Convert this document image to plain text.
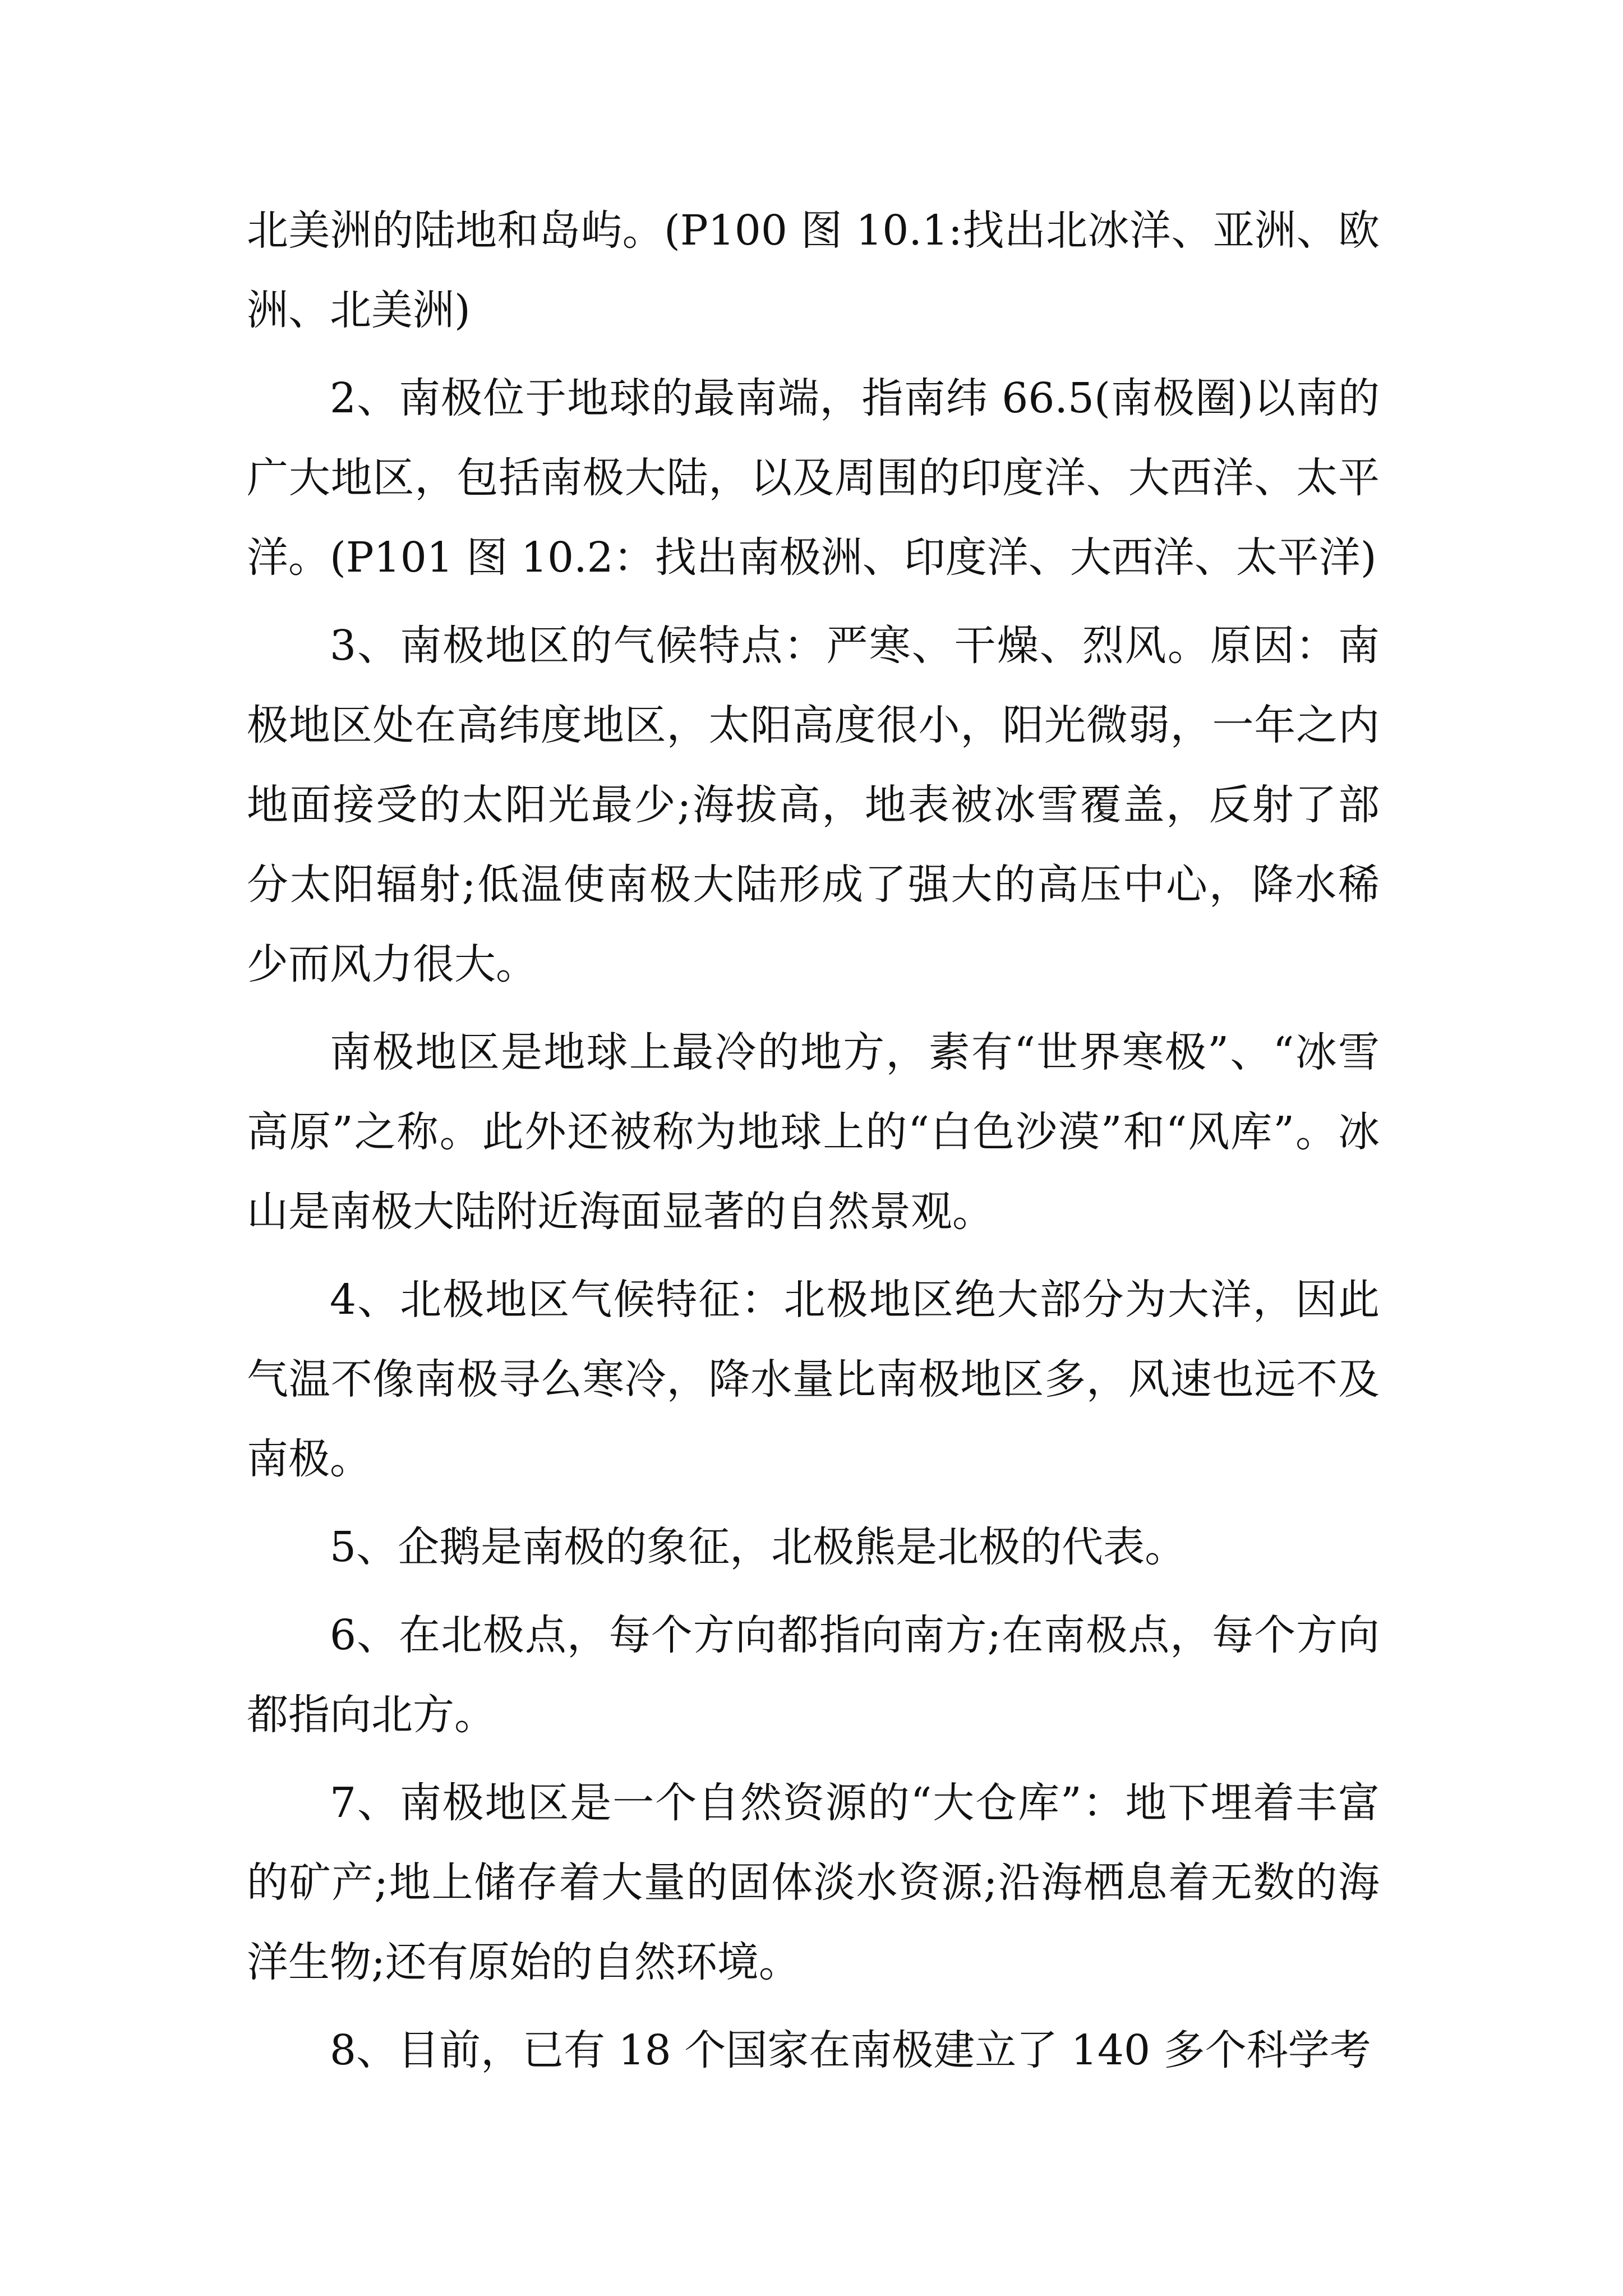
北美洲的陆地和岛屿。(P100 图 10.1:找出北冰洋、亚洲、欧洲、北美洲)

2、南极位于地球的最南端，指南纬 66.5(南极圈)以南的广大地区，包括南极大陆，以及周围的印度洋、大西洋、太平洋。(P101 图 10.2：找出南极洲、印度洋、大西洋、太平洋)

3、南极地区的气候特点：严寒、干燥、烈风。原因：南极地区处在高纬度地区，太阳高度很小，阳光微弱，一年之内地面接受的太阳光最少;海拔高，地表被冰雪覆盖，反射了部分太阳辐射;低温使南极大陆形成了强大的高压中心，降水稀少而风力很大。

南极地区是地球上最冷的地方，素有“世界寒极”、“冰雪高原”之称。此外还被称为地球上的“白色沙漠”和“风库”。冰山是南极大陆附近海面显著的自然景观。

4、北极地区气候特征：北极地区绝大部分为大洋，因此气温不像南极寻么寒冷，降水量比南极地区多，风速也远不及南极。

5、企鹅是南极的象征，北极熊是北极的代表。

6、在北极点，每个方向都指向南方;在南极点，每个方向都指向北方。

7、南极地区是一个自然资源的“大仓库”：地下埋着丰富的矿产;地上储存着大量的固体淡水资源;沿海栖息着无数的海洋生物;还有原始的自然环境。

8、目前，已有 18 个国家在南极建立了 140 多个科学考
